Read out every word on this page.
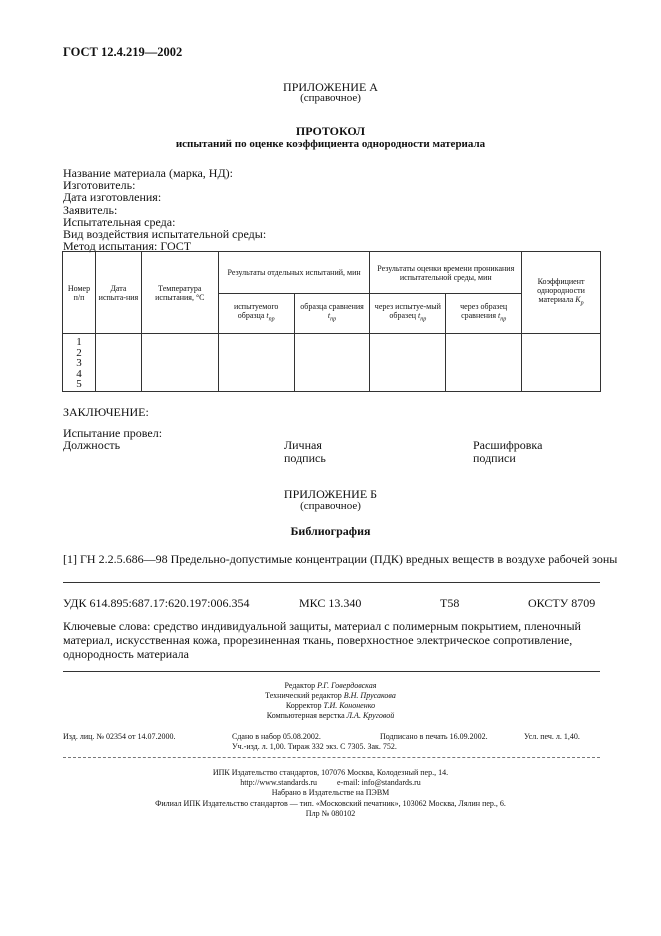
ГОСТ 12.4.219—2002
ПРИЛОЖЕНИЕ А
(справочное)
ПРОТОКОЛ
испытаний по оценке коэффициента однородности материала
Название материала (марка, НД):
Изготовитель:
Дата изготовления:
Заявитель:
Испытательная среда:
Вид воздействия испытательной среды:
Метод испытания: ГОСТ
Номер п/п	Дата испыта-ния	Температура испытания, °С	Результаты отдельных испытаний, мин		Результаты оценки времени проникания испытательной среды, мин		Коэффициент однородности материала $K_р$
			испытуемого образца $t_{пр}$	образца сравнения $t_{пр}$	через испытуе-мый образец $t_{пр}$	через образец сравнения $t_{пр}$

1
2
3
4
5							

ЗАКЛЮЧЕНИЕ:
Испытание провел:
Должность	Личная
подпись
Расшифровка
подписи
ПРИЛОЖЕНИЕ Б
(справочное)
Библиография
[1] ГН 2.2.5.686—98 Предельно-допустимые концентрации (ПДК) вредных веществ в воздухе рабочей зоны
УДК 614.895:687.17:620.197:006.354	МКС 13.340	Т58	ОКСТУ 8709
Ключевые слова: средство индивидуальной защиты, материал с полимерным покрытием, пленочный материал, искусственная кожа, прорезиненная ткань, поверхностное электрическое сопротивление, однородность материала
Редактор Р.Г. Говердовская
Технический редактор В.Н. Прусакова
Корректор Т.И. Кононенко
Компьютерная верстка Л.А. Круговой
Изд. лиц. № 02354 от 14.07.2000.	Сдано в набор 05.08.2002.	Подписано в печать 16.09.2002.	Усл. печ. л. 1,40.
Уч.-изд. л. 1,00. Тираж 332 экз. С 7305. Зак. 752.
ИПК Издательство стандартов, 107076 Москва, Колодезный пер., 14.
http://www.standards.ru          e-mail: info@standards.ru
Набрано в Издательстве на ПЭВМ
Филиал ИПК Издательство стандартов — тип. «Московский печатник», 103062 Москва, Лялин пер., 6.
Плр № 080102
